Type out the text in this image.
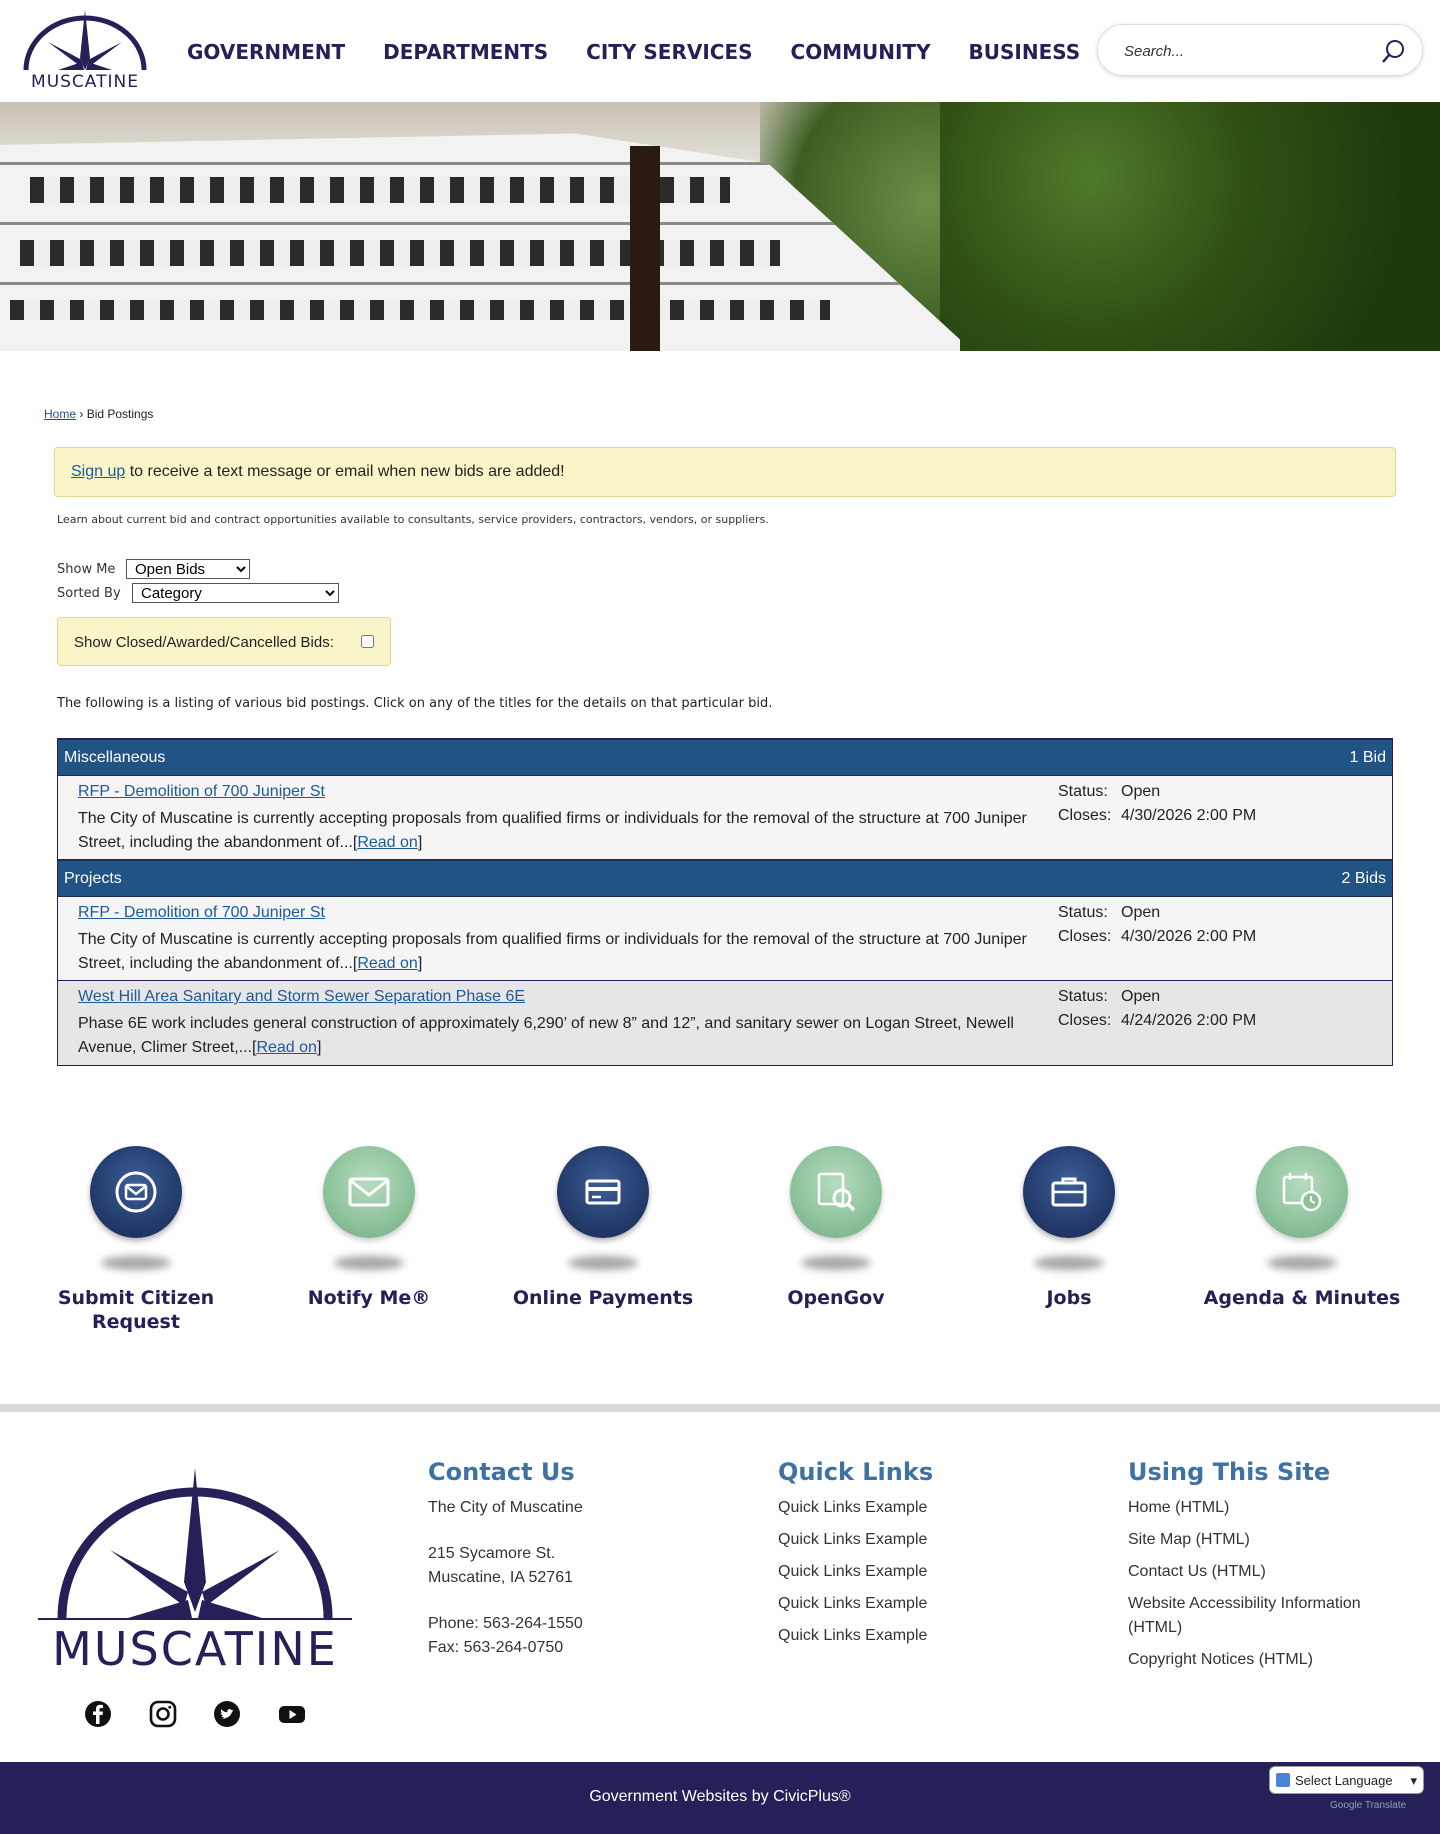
MUSCATINE
GOVERNMENT DEPARTMENTS CITY SERVICES COMMUNITY BUSINESS
Search...
Home › Bid Postings
Sign up to receive a text message or email when new bids are added!
Learn about current bid and contract opportunities available to consultants, service providers, contractors, vendors, or suppliers.
Show Me
Open Bids
Sorted By
Category
Show Closed/Awarded/Cancelled Bids:
The following is a listing of various bid postings. Click on any of the titles for the details on that particular bid.
Miscellaneous	1 Bid
RFP - Demolition of 700 Juniper St
The City of Muscatine is currently accepting proposals from qualified firms or individuals for the removal of the structure at 700 Juniper
Street, including the abandonment of...[Read on]
Status: Open
Closes: 4/30/2026 2:00 PM
Projects	2 Bids
RFP - Demolition of 700 Juniper St
The City of Muscatine is currently accepting proposals from qualified firms or individuals for the removal of the structure at 700 Juniper
Street, including the abandonment of...[Read on]
Status: Open
Closes: 4/30/2026 2:00 PM
West Hill Area Sanitary and Storm Sewer Separation Phase 6E
Phase 6E work includes general construction of approximately 6,290’ of new 8” and 12”, and sanitary sewer on Logan Street, Newell
Avenue, Climer Street,...[Read on]
Status: Open
Closes: 4/24/2026 2:00 PM
Submit Citizen
Request
Notify Me®	Online Payments	OpenGov	Jobs	Agenda & Minutes
MUSCATINE
Contact Us
The City of Muscatine
215 Sycamore St.
Muscatine, IA 52761
Phone: 563-264-1550
Fax: 563-264-0750
Quick Links
Quick Links Example
Quick Links Example
Quick Links Example
Quick Links Example
Quick Links Example
Using This Site
Home (HTML)
Site Map (HTML)
Contact Us (HTML)
Website Accessibility Information
(HTML)
Copyright Notices (HTML)
Government Websites by CivicPlus®
Select Language ▾
Google Translate
